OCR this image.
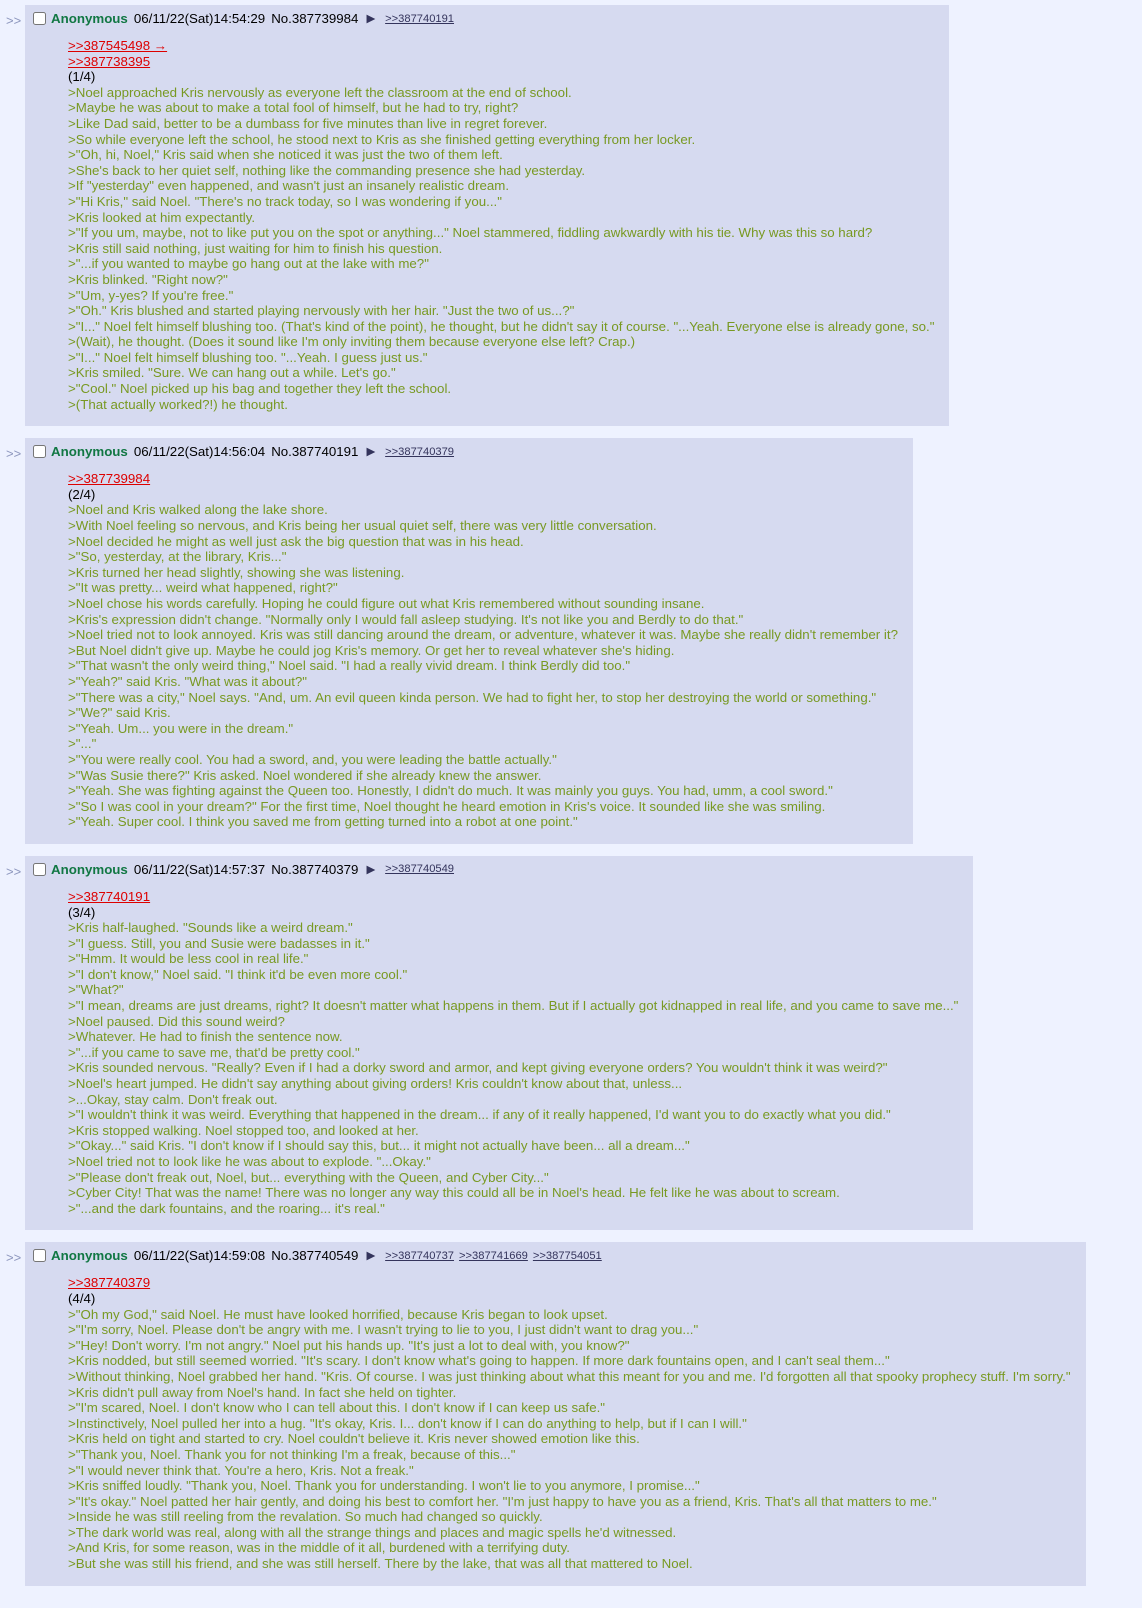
>> Anonymous 06/11/22(Sat)14:54:29 No.387739984 ▶ >>387740191
>>387545498 →
>>387738395
(1/4)
>Noel approached Kris nervously as everyone left the classroom at the end of school.
>Maybe he was about to make a total fool of himself, but he had to try, right?
>Like Dad said, better to be a dumbass for five minutes than live in regret forever.
>So while everyone left the school, he stood next to Kris as she finished getting everything from her locker.
>"Oh, hi, Noel," Kris said when she noticed it was just the two of them left.
>She's back to her quiet self, nothing like the commanding presence she had yesterday.
>If "yesterday" even happened, and wasn't just an insanely realistic dream.
>"Hi Kris," said Noel. "There's no track today, so I was wondering if you..."
>Kris looked at him expectantly.
>"If you um, maybe, not to like put you on the spot or anything..." Noel stammered, fiddling awkwardly with his tie. Why was this so hard?
>Kris still said nothing, just waiting for him to finish his question.
>"...if you wanted to maybe go hang out at the lake with me?"
>Kris blinked. "Right now?"
>"Um, y-yes? If you're free."
>"Oh." Kris blushed and started playing nervously with her hair. "Just the two of us...?"
>"I..." Noel felt himself blushing too. (That's kind of the point), he thought, but he didn't say it of course. "...Yeah. Everyone else is already gone, so."
>(Wait), he thought. (Does it sound like I'm only inviting them because everyone else left? Crap.)
>"I..." Noel felt himself blushing too. "...Yeah. I guess just us."
>Kris smiled. "Sure. We can hang out a while. Let's go."
>"Cool." Noel picked up his bag and together they left the school.
>(That actually worked?!) he thought.

>> Anonymous 06/11/22(Sat)14:56:04 No.387740191 ▶ >>387740379
>>387739984
(2/4)
>Noel and Kris walked along the lake shore.
>With Noel feeling so nervous, and Kris being her usual quiet self, there was very little conversation.
>Noel decided he might as well just ask the big question that was in his head.
>"So, yesterday, at the library, Kris..."
>Kris turned her head slightly, showing she was listening.
>"It was pretty... weird what happened, right?"
>Noel chose his words carefully. Hoping he could figure out what Kris remembered without sounding insane.
>Kris's expression didn't change. "Normally only I would fall asleep studying. It's not like you and Berdly to do that."
>Noel tried not to look annoyed. Kris was still dancing around the dream, or adventure, whatever it was. Maybe she really didn't remember it?
>But Noel didn't give up. Maybe he could jog Kris's memory. Or get her to reveal whatever she's hiding.
>"That wasn't the only weird thing," Noel said. "I had a really vivid dream. I think Berdly did too."
>"Yeah?" said Kris. "What was it about?"
>"There was a city," Noel says. "And, um. An evil queen kinda person. We had to fight her, to stop her destroying the world or something."
>"We?" said Kris.
>"Yeah. Um... you were in the dream."
>"..."
>"You were really cool. You had a sword, and, you were leading the battle actually."
>"Was Susie there?" Kris asked. Noel wondered if she already knew the answer.
>"Yeah. She was fighting against the Queen too. Honestly, I didn't do much. It was mainly you guys. You had, umm, a cool sword."
>"So I was cool in your dream?" For the first time, Noel thought he heard emotion in Kris's voice. It sounded like she was smiling.
>"Yeah. Super cool. I think you saved me from getting turned into a robot at one point."

>> Anonymous 06/11/22(Sat)14:57:37 No.387740379 ▶ >>387740549
>>387740191
(3/4)
>Kris half-laughed. "Sounds like a weird dream."
>"I guess. Still, you and Susie were badasses in it."
>"Hmm. It would be less cool in real life."
>"I don't know," Noel said. "I think it'd be even more cool."
>"What?"
>"I mean, dreams are just dreams, right? It doesn't matter what happens in them. But if I actually got kidnapped in real life, and you came to save me..."
>Noel paused. Did this sound weird?
>Whatever. He had to finish the sentence now.
>"...if you came to save me, that'd be pretty cool."
>Kris sounded nervous. "Really? Even if I had a dorky sword and armor, and kept giving everyone orders? You wouldn't think it was weird?"
>Noel's heart jumped. He didn't say anything about giving orders! Kris couldn't know about that, unless...
>...Okay, stay calm. Don't freak out.
>"I wouldn't think it was weird. Everything that happened in the dream... if any of it really happened, I'd want you to do exactly what you did."
>Kris stopped walking. Noel stopped too, and looked at her.
>"Okay..." said Kris. "I don't know if I should say this, but... it might not actually have been... all a dream..."
>Noel tried not to look like he was about to explode. "...Okay."
>"Please don't freak out, Noel, but... everything with the Queen, and Cyber City..."
>Cyber City! That was the name! There was no longer any way this could all be in Noel's head. He felt like he was about to scream.
>"...and the dark fountains, and the roaring... it's real."

>> Anonymous 06/11/22(Sat)14:59:08 No.387740549 ▶ >>387740737 >>387741669 >>387754051
>>387740379
(4/4)
>"Oh my God," said Noel. He must have looked horrified, because Kris began to look upset.
>"I'm sorry, Noel. Please don't be angry with me. I wasn't trying to lie to you, I just didn't want to drag you..."
>"Hey! Don't worry. I'm not angry." Noel put his hands up. "It's just a lot to deal with, you know?"
>Kris nodded, but still seemed worried. "It's scary. I don't know what's going to happen. If more dark fountains open, and I can't seal them..."
>Without thinking, Noel grabbed her hand. "Kris. Of course. I was just thinking about what this meant for you and me. I'd forgotten all that spooky prophecy stuff. I'm sorry."
>Kris didn't pull away from Noel's hand. In fact she held on tighter.
>"I'm scared, Noel. I don't know who I can tell about this. I don't know if I can keep us safe."
>Instinctively, Noel pulled her into a hug. "It's okay, Kris. I... don't know if I can do anything to help, but if I can I will."
>Kris held on tight and started to cry. Noel couldn't believe it. Kris never showed emotion like this.
>"Thank you, Noel. Thank you for not thinking I'm a freak, because of this..."
>"I would never think that. You're a hero, Kris. Not a freak."
>Kris sniffed loudly. "Thank you, Noel. Thank you for understanding. I won't lie to you anymore, I promise..."
>"It's okay." Noel patted her hair gently, and doing his best to comfort her. "I'm just happy to have you as a friend, Kris. That's all that matters to me."
>Inside he was still reeling from the revalation. So much had changed so quickly.
>The dark world was real, along with all the strange things and places and magic spells he'd witnessed.
>And Kris, for some reason, was in the middle of it all, burdened with a terrifying duty.
>But she was still his friend, and she was still herself. There by the lake, that was all that mattered to Noel.
